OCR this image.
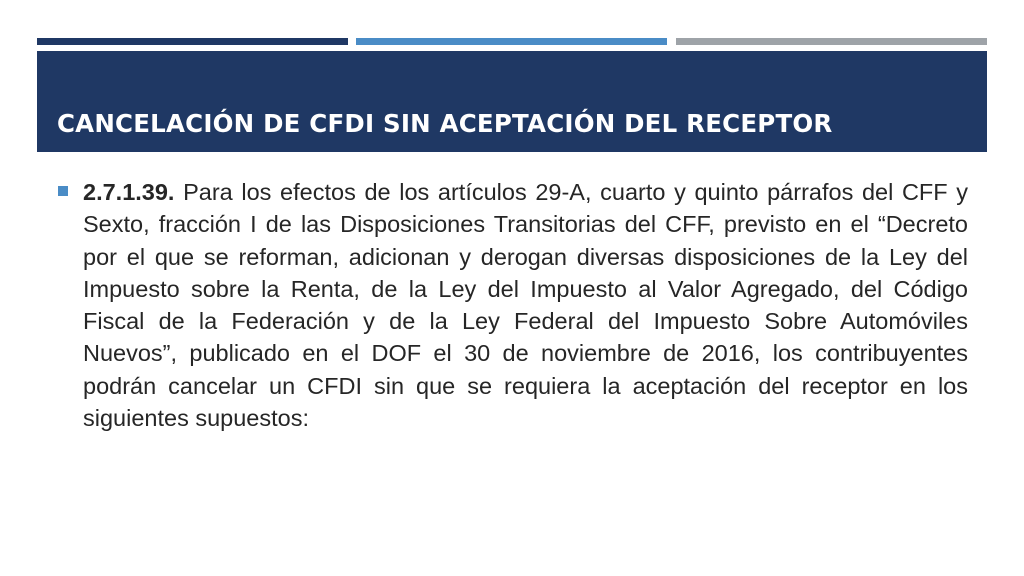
CANCELACIÓN DE CFDI SIN ACEPTACIÓN DEL RECEPTOR

2.7.1.39. Para los efectos de los artículos 29-A, cuarto y quinto párrafos del CFF y Sexto, fracción I de las Disposiciones Transitorias del CFF, previsto en el “Decreto por el que se reforman, adicionan y derogan diversas disposiciones de la Ley del Impuesto sobre la Renta, de la Ley del Impuesto al Valor Agregado, del Código Fiscal de la Federación y de la Ley Federal del Impuesto Sobre Automóviles Nuevos”, publicado en el DOF el 30 de noviembre de 2016, los contribuyentes podrán cancelar un CFDI sin que se requiera la aceptación del receptor en los siguientes supuestos:
